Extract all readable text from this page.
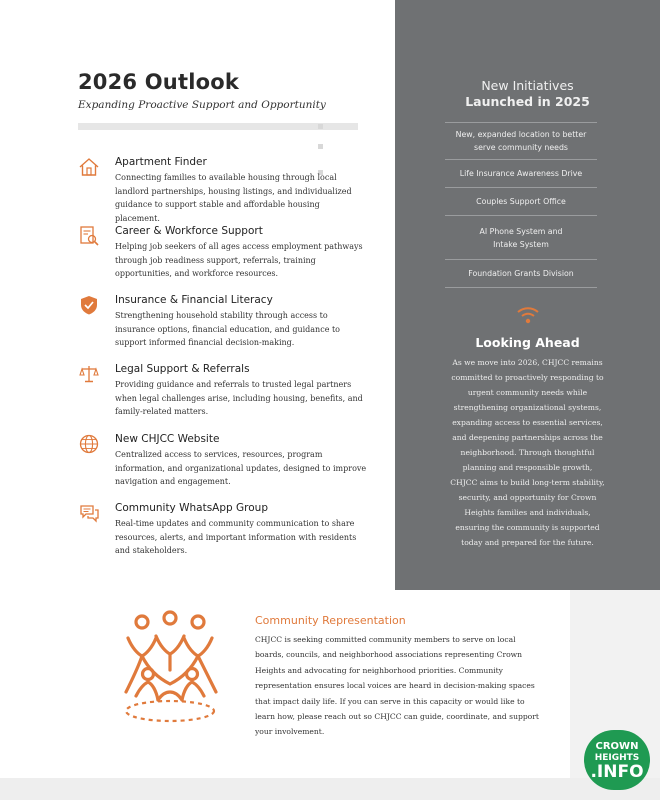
2026 Outlook
Expanding Proactive Support and Opportunity
Apartment Finder
Connecting families to available housing through local landlord partnerships, housing listings, and individualized guidance to support stable and affordable housing placement.
Career & Workforce Support
Helping job seekers of all ages access employment pathways through job readiness support, referrals, training opportunities, and workforce resources.
Insurance & Financial Literacy
Strengthening household stability through access to insurance options, financial education, and guidance to support informed financial decision-making.
Legal Support & Referrals
Providing guidance and referrals to trusted legal partners when legal challenges arise, including housing, benefits, and family-related matters.
New CHJCC Website
Centralized access to services, resources, program information, and organizational updates, designed to improve navigation and engagement.
Community WhatsApp Group
Real-time updates and community communication to share resources, alerts, and important information with residents and stakeholders.
New Initiatives
Launched in 2025
New, expanded location to better serve community needs
Life Insurance Awareness Drive
Couples Support Office
AI Phone System and Intake System
Foundation Grants Division
Looking Ahead
As we move into 2026, CHJCC remains committed to proactively responding to urgent community needs while strengthening organizational systems, expanding access to essential services, and deepening partnerships across the neighborhood. Through thoughtful planning and responsible growth, CHJCC aims to build long-term stability, security, and opportunity for Crown Heights families and individuals, ensuring the community is supported today and prepared for the future.
Community Representation
CHJCC is seeking committed community members to serve on local boards, councils, and neighborhood associations representing Crown Heights and advocating for neighborhood priorities. Community representation ensures local voices are heard in decision-making spaces that impact daily life. If you can serve in this capacity or would like to learn how, please reach out so CHJCC can guide, coordinate, and support your involvement.
CROWN
HEIGHTS
.INFO
